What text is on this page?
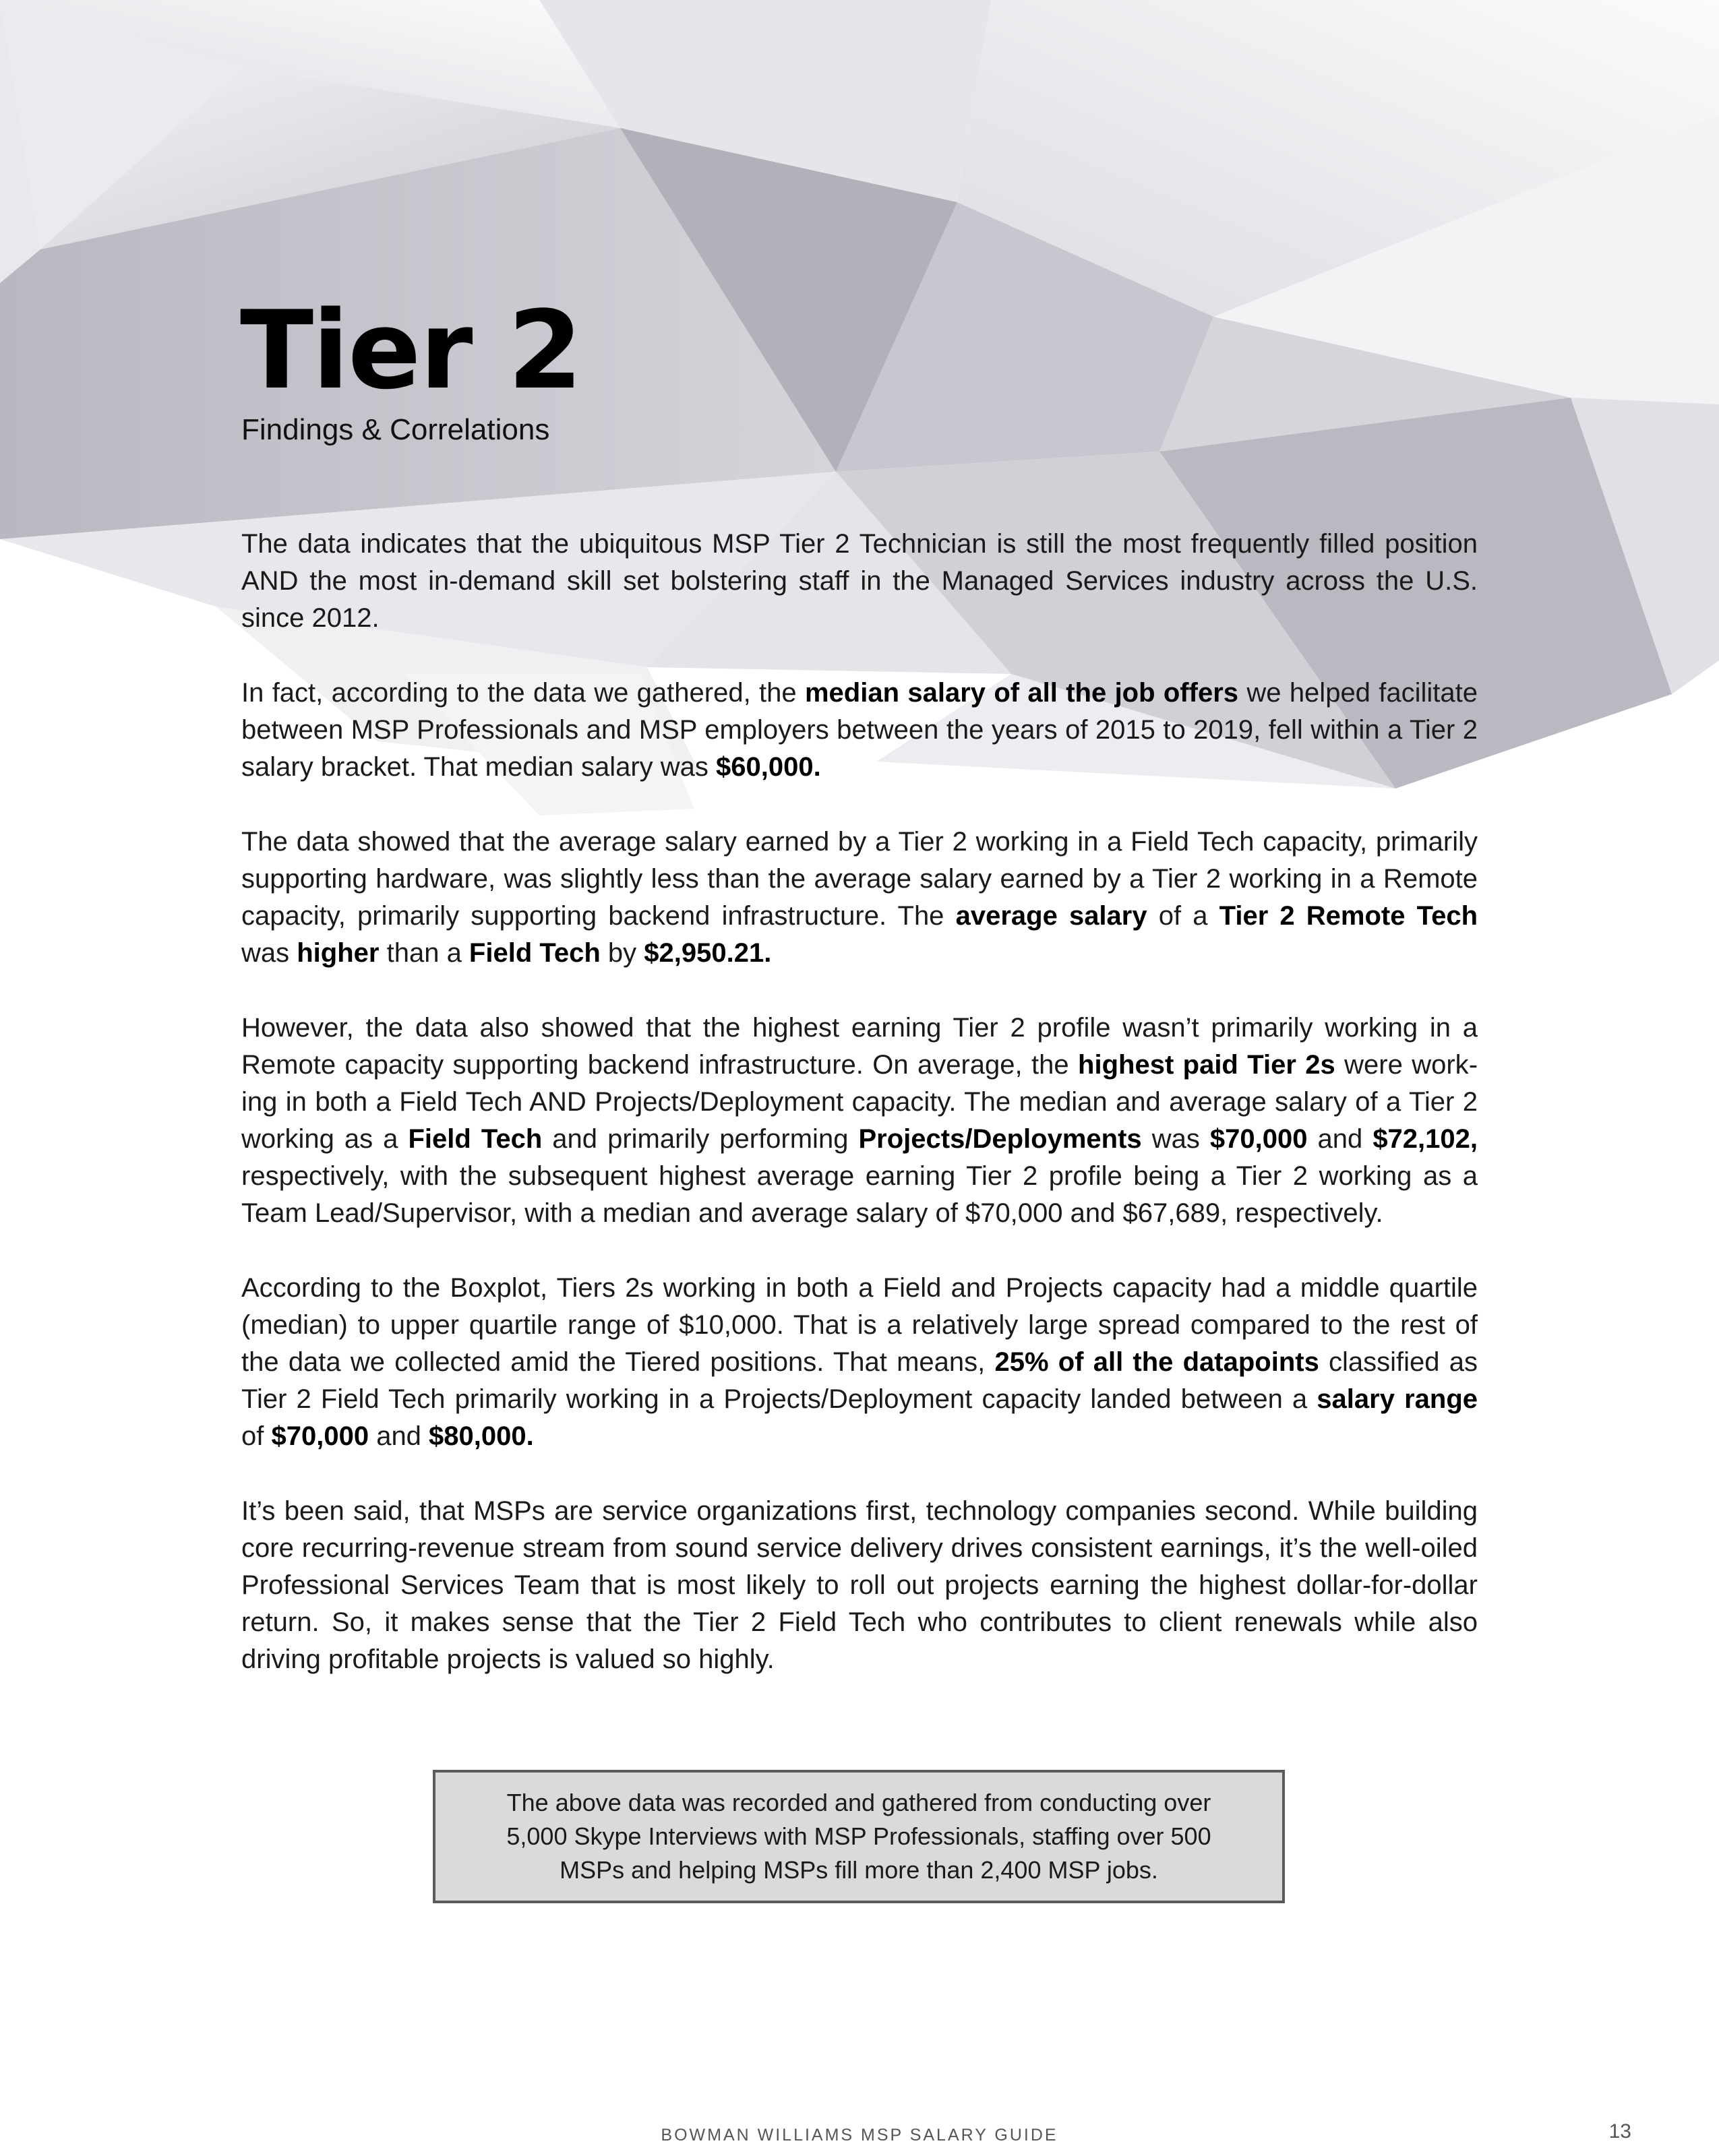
Tier 2
Findings & Correlations

The data indicates that the ubiquitous MSP Tier 2 Technician is still the most frequently filled position AND the most in-demand skill set bolstering staff in the Managed Services industry across the U.S. since 2012.

In fact, according to the data we gathered, the median salary of all the job offers we helped facilitate between MSP Professionals and MSP employers between the years of 2015 to 2019, fell within a Tier 2 salary bracket. That median salary was $60,000.

The data showed that the average salary earned by a Tier 2 working in a Field Tech capacity, primarily supporting hardware, was slightly less than the average salary earned by a Tier 2 working in a Remote capacity, primarily supporting backend infrastructure. The average salary of a Tier 2 Remote Tech was higher than a Field Tech by $2,950.21.

However, the data also showed that the highest earning Tier 2 profile wasn’t primarily working in a Remote capacity supporting backend infrastructure. On average, the highest paid Tier 2s were working in both a Field Tech AND Projects/Deployment capacity. The median and average salary of a Tier 2 working as a Field Tech and primarily performing Projects/Deployments was $70,000 and $72,102, respectively, with the subsequent highest average earning Tier 2 profile being a Tier 2 working as a Team Lead/Supervisor, with a median and average salary of $70,000 and $67,689, respectively.

According to the Boxplot, Tiers 2s working in both a Field and Projects capacity had a middle quartile (median) to upper quartile range of $10,000. That is a relatively large spread compared to the rest of the data we collected amid the Tiered positions. That means, 25% of all the datapoints classified as Tier 2 Field Tech primarily working in a Projects/Deployment capacity landed between a salary range of $70,000 and $80,000.

It’s been said, that MSPs are service organizations first, technology companies second. While building core recurring-revenue stream from sound service delivery drives consistent earnings, it’s the well-oiled Professional Services Team that is most likely to roll out projects earning the highest dollar-for-dollar return. So, it makes sense that the Tier 2 Field Tech who contributes to client renewals while also driving profitable projects is valued so highly.

The above data was recorded and gathered from conducting over 5,000 Skype Interviews with MSP Professionals, staffing over 500 MSPs and helping MSPs fill more than 2,400 MSP jobs.

BOWMAN WILLIAMS MSP SALARY GUIDE	13
